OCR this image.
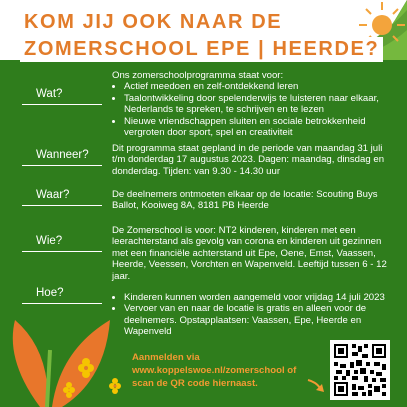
KOM JIJ OOK NAAR DE
ZOMERSCHOOL EPE | HEERDE?
Wat?

Ons zomerschoolprogramma staat voor:

• Actief meedoen en zelf-ontdekkend leren
• Taalontwikkeling door spelenderwijs te luisteren naar elkaar, Nederlands te spreken, te schrijven en te lezen
• Nieuwe vriendschappen sluiten en sociale betrokkenheid vergroten door sport, spel en creativiteit
Wanneer?

Dit programma staat gepland in de periode van maandag 31 juli t/m donderdag 17 augustus 2023. Dagen: maandag, dinsdag en donderdag. Tijden: van 9.30 - 14.30 uur

Waar?	De deelnemers ontmoeten elkaar op de locatie: Scouting Buys Ballot, Kooiweg 8A, 8181 PB Heerde

Wie?

De Zomerschool is voor: NT2 kinderen, kinderen met een leerachterstand als gevolg van corona en kinderen uit gezinnen met een financiële achterstand uit Epe, Oene, Emst, Vaassen, Heerde, Veessen, Vorchten en Wapenveld. Leeftijd tussen 6 - 12 jaar.

Hoe?
•	Kinderen kunnen worden aangemeld voor vrijdag 14 juli 2023
• Vervoer van en naar de locatie is gratis en alleen voor de deelnemers. Opstapplaatsen: Vaassen, Epe, Heerde en Wapenveld
Aanmelden via
www.koppelswoe.nl/zomerschool of
scan de QR code hiernaast.
